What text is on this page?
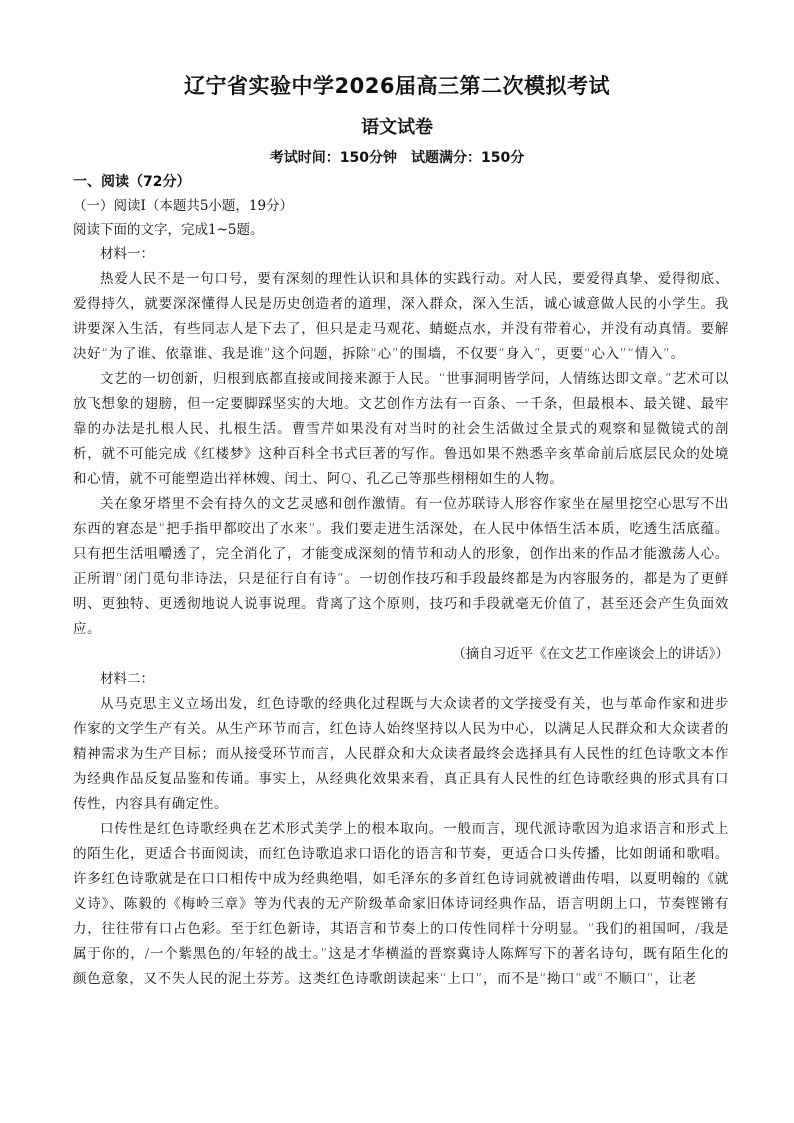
辽宁省实验中学2026届高三第二次模拟考试
语文试卷
考试时间：150分钟 试题满分：150分
一、阅读（72分）
（一）阅读Ⅰ（本题共5小题，19分）
阅读下面的文字，完成1~5题。
材料一：

热爱人民不是一句口号，要有深刻的理性认识和具体的实践行动。对人民，要爱得真挚、爱得彻底、爱得持久，就要深深懂得人民是历史创造者的道理，深入群众，深入生活，诚心诚意做人民的小学生。我讲要深入生活，有些同志人是下去了，但只是走马观花、蜻蜓点水，并没有带着心，并没有动真情。要解决好“为了谁、依靠谁、我是谁”这个问题，拆除“心”的围墙，不仅要“身入”，更要“心入”“情入”。

文艺的一切创新，归根到底都直接或间接来源于人民。“世事洞明皆学问，人情练达即文章。”艺术可以放飞想象的翅膀，但一定要脚踩坚实的大地。文艺创作方法有一百条、一千条，但最根本、最关键、最牢靠的办法是扎根人民、扎根生活。曹雪芹如果没有对当时的社会生活做过全景式的观察和显微镜式的剖析，就不可能完成《红楼梦》这种百科全书式巨著的写作。鲁迅如果不熟悉辛亥革命前后底层民众的处境和心情，就不可能塑造出祥林嫂、闰土、阿Q、孔乙己等那些栩栩如生的人物。

关在象牙塔里不会有持久的文艺灵感和创作激情。有一位苏联诗人形容作家坐在屋里挖空心思写不出东西的窘态是“把手指甲都咬出了水来”。我们要走进生活深处，在人民中体悟生活本质，吃透生活底蕴。只有把生活咀嚼透了，完全消化了，才能变成深刻的情节和动人的形象，创作出来的作品才能激荡人心。正所谓“闭门觅句非诗法，只是征行自有诗”。一切创作技巧和手段最终都是为内容服务的，都是为了更鲜明、更独特、更透彻地说人说事说理。背离了这个原则，技巧和手段就毫无价值了，甚至还会产生负面效应。

（摘自习近平《在文艺工作座谈会上的讲话》）
材料二：

从马克思主义立场出发，红色诗歌的经典化过程既与大众读者的文学接受有关，也与革命作家和进步作家的文学生产有关。从生产环节而言，红色诗人始终坚持以人民为中心，以满足人民群众和大众读者的精神需求为生产目标；而从接受环节而言，人民群众和大众读者最终会选择具有人民性的红色诗歌文本作为经典作品反复品鉴和传诵。事实上，从经典化效果来看，真正具有人民性的红色诗歌经典的形式具有口传性，内容具有确定性。

口传性是红色诗歌经典在艺术形式美学上的根本取向。一般而言，现代派诗歌因为追求语言和形式上的陌生化，更适合书面阅读，而红色诗歌追求口语化的语言和节奏，更适合口头传播，比如朗诵和歌唱。许多红色诗歌就是在口口相传中成为经典绝唱，如毛泽东的多首红色诗词就被谱曲传唱，以夏明翰的《就义诗》、陈毅的《梅岭三章》等为代表的无产阶级革命家旧体诗词经典作品，语言明朗上口，节奏铿锵有力，往往带有口占色彩。至于红色新诗，其语言和节奏上的口传性同样十分明显。“我们的祖国呵，/我是属于你的，/一个紫黑色的/年轻的战士。”这是才华横溢的晋察冀诗人陈辉写下的著名诗句，既有陌生化的颜色意象，又不失人民的泥土芬芳。这类红色诗歌朗读起来“上口”，而不是“拗口”或“不顺口”，让老
